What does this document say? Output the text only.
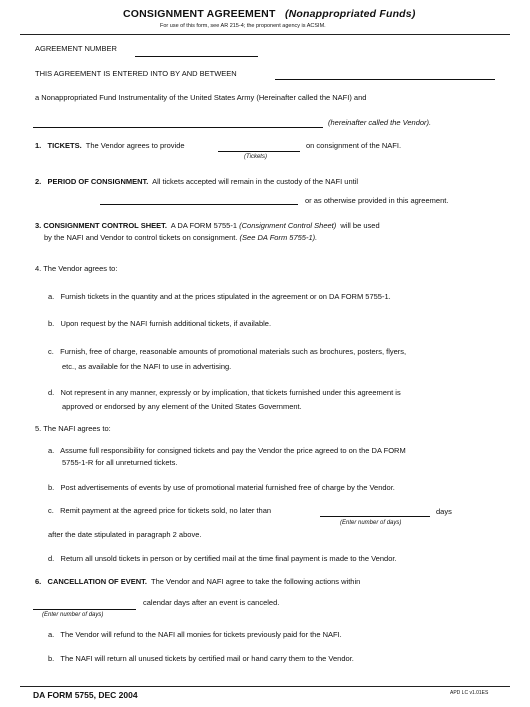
CONSIGNMENT AGREEMENT (Nonappropriated Funds)
For use of this form, see AR 215-4; the proponent agency is ACSIM.
AGREEMENT NUMBER
THIS AGREEMENT IS ENTERED INTO BY AND BETWEEN
a Nonappropriated Fund Instrumentality of the United States Army (Hereinafter called the NAFI) and
(hereinafter called the Vendor).
1. TICKETS. The Vendor agrees to provide	on consignment of the NAFI.
(Tickets)
2. PERIOD OF CONSIGNMENT. All tickets accepted will remain in the custody of the NAFI until
or as otherwise provided in this agreement.
3. CONSIGNMENT CONTROL SHEET. A DA FORM 5755-1 (Consignment Control Sheet) will be used
by the NAFI and Vendor to control tickets on consignment. (See DA Form 5755-1).
4. The Vendor agrees to:
a. Furnish tickets in the quantity and at the prices stipulated in the agreement or on DA FORM 5755-1.
b. Upon request by the NAFI furnish additional tickets, if available.
c. Furnish, free of charge, reasonable amounts of promotional materials such as brochures, posters, flyers,
etc., as available for the NAFI to use in advertising.
d. Not represent in any manner, expressly or by implication, that tickets furnished under this agreement is
approved or endorsed by any element of the United States Government.
5. The NAFI agrees to:
a. Assume full responsibility for consigned tickets and pay the Vendor the price agreed to on the DA FORM
5755-1-R for all unreturned tickets.
b. Post advertisements of events by use of promotional material furnished free of charge by the Vendor.
c. Remit payment at the agreed price for tickets sold, no later than	days
(Enter number of days)
after the date stipulated in paragraph 2 above.
d. Return all unsold tickets in person or by certified mail at the time final payment is made to the Vendor.
6. CANCELLATION OF EVENT. The Vendor and NAFI agree to take the following actions within
calendar days after an event is canceled.
(Enter number of days)
a. The Vendor will refund to the NAFI all monies for tickets previously paid for the NAFI.
b. The NAFI will return all unused tickets by certified mail or hand carry them to the Vendor.
DA FORM 5755, DEC 2004	APD LC v1.01ES
